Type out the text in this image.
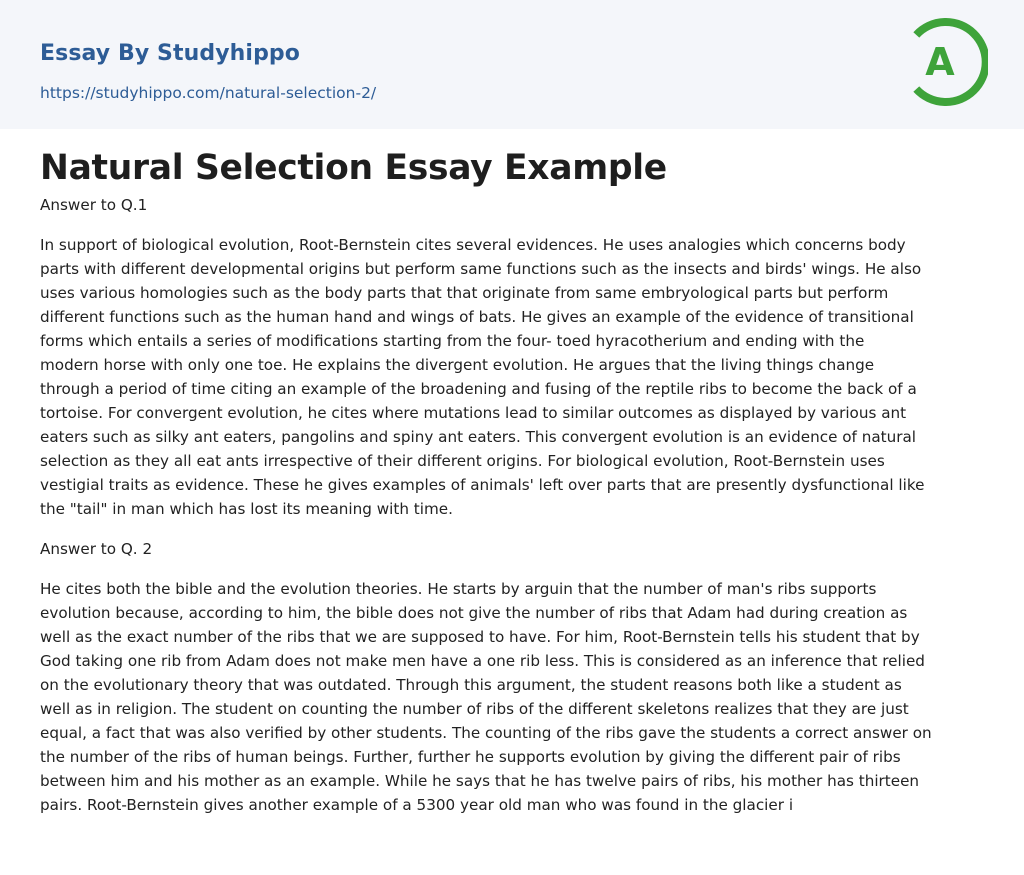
Essay By Studyhippo
https://studyhippo.com/natural-selection-2/
A
Natural Selection Essay Example

Answer to Q.1

In support of biological evolution, Root-Bernstein cites several evidences. He uses analogies which concerns body
parts with different developmental origins but perform same functions such as the insects and birds' wings. He also
uses various homologies such as the body parts that that originate from same embryological parts but perform
different functions such as the human hand and wings of bats. He gives an example of the evidence of transitional
forms which entails a series of modifications starting from the four- toed hyracotherium and ending with the
modern horse with only one toe. He explains the divergent evolution. He argues that the living things change
through a period of time citing an example of the broadening and fusing of the reptile ribs to become the back of a
tortoise. For convergent evolution, he cites where mutations lead to similar outcomes as displayed by various ant
eaters such as silky ant eaters, pangolins and spiny ant eaters. This convergent evolution is an evidence of natural
selection as they all eat ants irrespective of their different origins. For biological evolution, Root-Bernstein uses
vestigial traits as evidence. These he gives examples of animals' left over parts that are presently dysfunctional like
the "tail" in man which has lost its meaning with time.

Answer to Q. 2

He cites both the bible and the evolution theories. He starts by arguin that the number of man's ribs supports
evolution because, according to him, the bible does not give the number of ribs that Adam had during creation as
well as the exact number of the ribs that we are supposed to have. For him, Root-Bernstein tells his student that by
God taking one rib from Adam does not make men have a one rib less. This is considered as an inference that relied
on the evolutionary theory that was outdated. Through this argument, the student reasons both like a student as
well as in religion. The student on counting the number of ribs of the different skeletons realizes that they are just
equal, a fact that was also verified by other students. The counting of the ribs gave the students a correct answer on
the number of the ribs of human beings. Further, further he supports evolution by giving the different pair of ribs
between him and his mother as an example. While he says that he has twelve pairs of ribs, his mother has thirteen
pairs. Root-Bernstein gives another example of a 5300 year old man who was found in the glacier i
